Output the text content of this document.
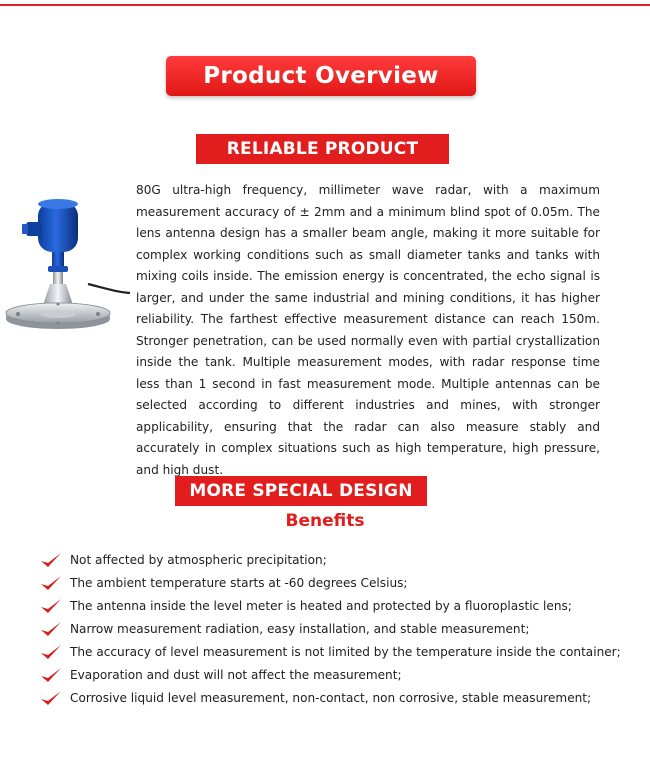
Product Overview
RELIABLE PRODUCT

80G ultra-high frequency, millimeter wave radar, with a maximum measurement accuracy of ± 2mm and a minimum blind spot of 0.05m. The lens antenna design has a smaller beam angle, making it more suitable for complex working conditions such as small diameter tanks and tanks with mixing coils inside. The emission energy is concentrated, the echo signal is larger, and under the same industrial and mining conditions, it has higher reliability. The farthest effective measurement distance can reach 150m. Stronger penetration, can be used normally even with partial crystallization inside the tank. Multiple measurement modes, with radar response time less than 1 second in fast measurement mode. Multiple antennas can be selected according to different industries and mines, with stronger applicability, ensuring that the radar can also measure stably and accurately in complex situations such as high temperature, high pressure, and high dust.

MORE SPECIAL DESIGN
Benefits
Not affected by atmospheric precipitation;
The ambient temperature starts at -60 degrees Celsius;
The antenna inside the level meter is heated and protected by a fluoroplastic lens;
Narrow measurement radiation, easy installation, and stable measurement;
The accuracy of level measurement is not limited by the temperature inside the container;
Evaporation and dust will not affect the measurement;
Corrosive liquid level measurement, non-contact, non corrosive, stable measurement;
